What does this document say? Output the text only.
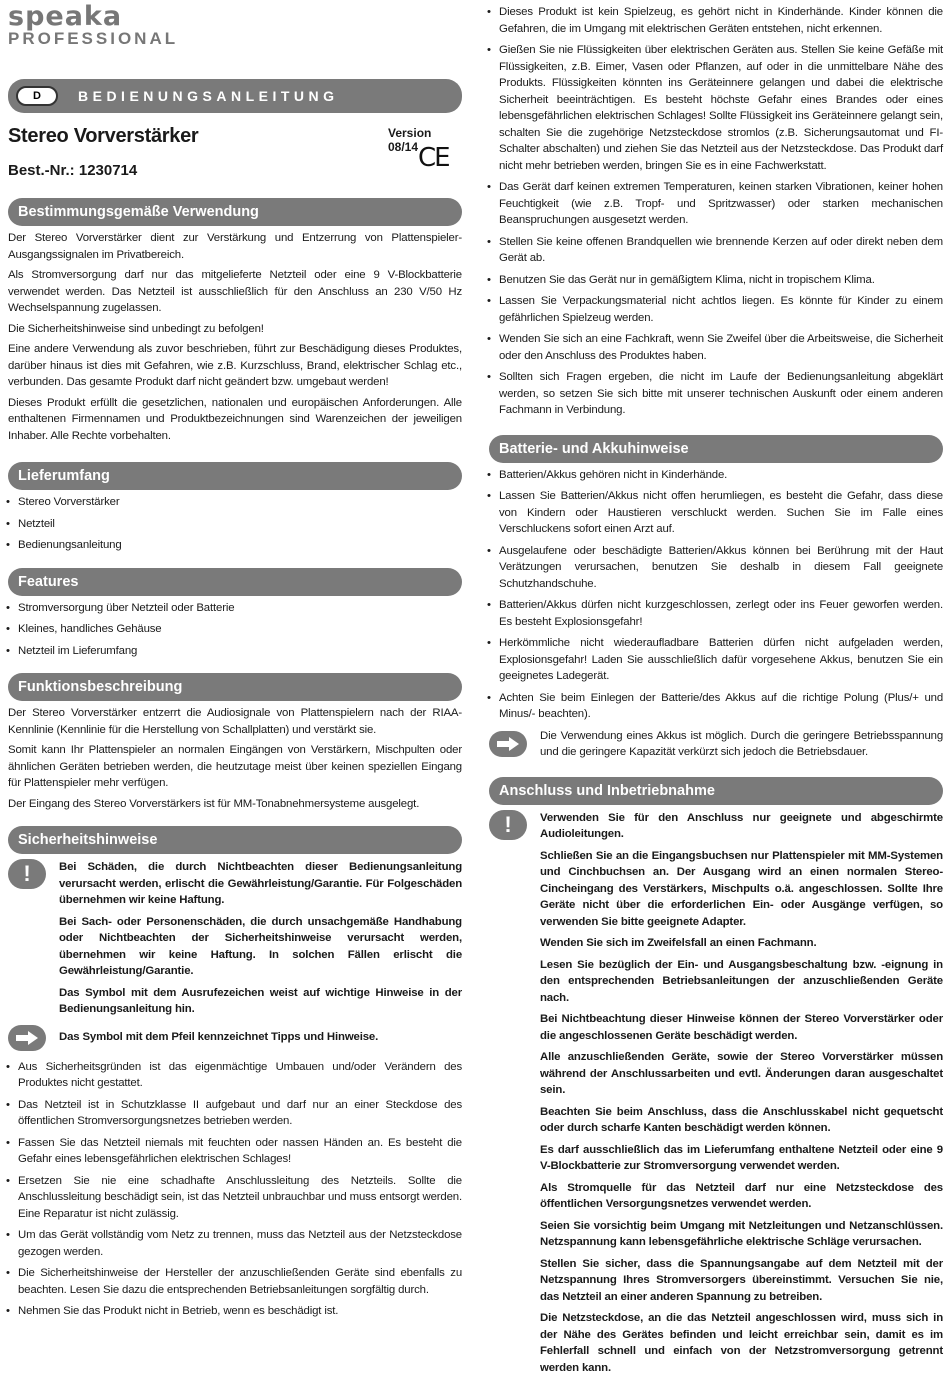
speaka
PROFESSIONAL
D	BEDIENUNGSANLEITUNG
Stereo Vorverstärker	Version 08/14 CE
Best.-Nr.: 1230714
Bestimmungsgemäße Verwendung

Der Stereo Vorverstärker dient zur Verstärkung und Entzerrung von Plattenspieler-Ausgangssignalen im Privatbereich.

Als Stromversorgung darf nur das mitgelieferte Netzteil oder eine 9 V-Blockbatterie verwendet werden. Das Netzteil ist ausschließlich für den Anschluss an 230 V/50 Hz Wechselspannung zugelassen.

Die Sicherheitshinweise sind unbedingt zu befolgen!

Eine andere Verwendung als zuvor beschrieben, führt zur Beschädigung dieses Produktes, darüber hinaus ist dies mit Gefahren, wie z.B. Kurzschluss, Brand, elektrischer Schlag etc., verbunden. Das gesamte Produkt darf nicht geändert bzw. umgebaut werden!

Dieses Produkt erfüllt die gesetzlichen, nationalen und europäischen Anforderungen. Alle enthaltenen Firmennamen und Produktbezeichnungen sind Warenzeichen der jeweiligen Inhaber. Alle Rechte vorbehalten.

Lieferumfang
• Stereo Vorverstärker
• Netzteil
• Bedienungsanleitung
Features
• Stromversorgung über Netzteil oder Batterie
• Kleines, handliches Gehäuse
• Netzteil im Lieferumfang
Funktionsbeschreibung

Der Stereo Vorverstärker entzerrt die Audiosignale von Plattenspielern nach der RIAA-Kennlinie (Kennlinie für die Herstellung von Schallplatten) und verstärkt sie.

Somit kann Ihr Plattenspieler an normalen Eingängen von Verstärkern, Mischpulten oder ähnlichen Geräten betrieben werden, die heutzutage meist über keinen speziellen Eingang für Plattenspieler mehr verfügen.

Der Eingang des Stereo Vorverstärkers ist für MM-Tonabnehmersysteme ausgelegt.

Sicherheitshinweise
!	Bei Schäden, die durch Nichtbeachten dieser Bedienungsanleitung verursacht werden, erlischt die Gewährleistung/Garantie. Für Folgeschäden übernehmen wir keine Haftung.

Bei Sach- oder Personenschäden, die durch unsachgemäße Handhabung oder Nichtbeachten der Sicherheitshinweise verursacht werden, übernehmen wir keine Haftung. In solchen Fällen erlischt die Gewährleistung/Garantie.

Das Symbol mit dem Ausrufezeichen weist auf wichtige Hinweise in der Bedienungsanleitung hin.

Das Symbol mit dem Pfeil kennzeichnet Tipps und Hinweise.

• Aus Sicherheitsgründen ist das eigenmächtige Umbauen und/oder Verändern des Produktes nicht gestattet.
• Das Netzteil ist in Schutzklasse II aufgebaut und darf nur an einer Steckdose des öffentlichen Stromversorgungsnetzes betrieben werden.
• Fassen Sie das Netzteil niemals mit feuchten oder nassen Händen an. Es besteht die Gefahr eines lebensgefährlichen elektrischen Schlages!
• Ersetzen Sie nie eine schadhafte Anschlussleitung des Netzteils. Sollte die Anschlussleitung beschädigt sein, ist das Netzteil unbrauchbar und muss entsorgt werden. Eine Reparatur ist nicht zulässig.
• Um das Gerät vollständig vom Netz zu trennen, muss das Netzteil aus der Netzsteckdose gezogen werden.
• Die Sicherheitshinweise der Hersteller der anzuschließenden Geräte sind ebenfalls zu beachten. Lesen Sie dazu die entsprechenden Betriebsanleitungen sorgfältig durch.
• Nehmen Sie das Produkt nicht in Betrieb, wenn es beschädigt ist.
• Dieses Produkt ist kein Spielzeug, es gehört nicht in Kinderhände. Kinder können die Gefahren, die im Umgang mit elektrischen Geräten entstehen, nicht erkennen.
• Gießen Sie nie Flüssigkeiten über elektrischen Geräten aus. Stellen Sie keine Gefäße mit Flüssigkeiten, z.B. Eimer, Vasen oder Pflanzen, auf oder in die unmittelbare Nähe des Produkts. Flüssigkeiten könnten ins Geräteinnere gelangen und dabei die elektrische Sicherheit beeinträchtigen. Es besteht höchste Gefahr eines Brandes oder eines lebensgefährlichen elektrischen Schlages! Sollte Flüssigkeit ins Geräteinnere gelangt sein, schalten Sie die zugehörige Netzsteckdose stromlos (z.B. Sicherungsautomat und FI-Schalter abschalten) und ziehen Sie das Netzteil aus der Netzsteckdose. Das Produkt darf nicht mehr betrieben werden, bringen Sie es in eine Fachwerkstatt.
• Das Gerät darf keinen extremen Temperaturen, keinen starken Vibrationen, keiner hohen Feuchtigkeit (wie z.B. Tropf- und Spritzwasser) oder starken mechanischen Beanspruchungen ausgesetzt werden.
• Stellen Sie keine offenen Brandquellen wie brennende Kerzen auf oder direkt neben dem Gerät ab.
• Benutzen Sie das Gerät nur in gemäßigtem Klima, nicht in tropischem Klima.
• Lassen Sie Verpackungsmaterial nicht achtlos liegen. Es könnte für Kinder zu einem gefährlichen Spielzeug werden.
• Wenden Sie sich an eine Fachkraft, wenn Sie Zweifel über die Arbeitsweise, die Sicherheit oder den Anschluss des Produktes haben.
• Sollten sich Fragen ergeben, die nicht im Laufe der Bedienungsanleitung abgeklärt werden, so setzen Sie sich bitte mit unserer technischen Auskunft oder einem anderen Fachmann in Verbindung.
Batterie- und Akkuhinweise
• Batterien/Akkus gehören nicht in Kinderhände.
• Lassen Sie Batterien/Akkus nicht offen herumliegen, es besteht die Gefahr, dass diese von Kindern oder Haustieren verschluckt werden. Suchen Sie im Falle eines Verschluckens sofort einen Arzt auf.
• Ausgelaufene oder beschädigte Batterien/Akkus können bei Berührung mit der Haut Verätzungen verursachen, benutzen Sie deshalb in diesem Fall geeignete Schutzhandschuhe.
• Batterien/Akkus dürfen nicht kurzgeschlossen, zerlegt oder ins Feuer geworfen werden. Es besteht Explosionsgefahr!
• Herkömmliche nicht wiederaufladbare Batterien dürfen nicht aufgeladen werden, Explosionsgefahr! Laden Sie ausschließlich dafür vorgesehene Akkus, benutzen Sie ein geeignetes Ladegerät.
• Achten Sie beim Einlegen der Batterie/des Akkus auf die richtige Polung (Plus/+ und Minus/- beachten).

Die Verwendung eines Akkus ist möglich. Durch die geringere Betriebsspannung und die geringere Kapazität verkürzt sich jedoch die Betriebsdauer.

Anschluss und Inbetriebnahme
!	Verwenden Sie für den Anschluss nur geeignete und abgeschirmte Audioleitungen.

Schließen Sie an die Eingangsbuchsen nur Plattenspieler mit MM-Systemen und Cinchbuchsen an. Der Ausgang wird an einen normalen Stereo-Cincheingang des Verstärkers, Mischpults o.ä. angeschlossen. Sollte Ihre Geräte nicht über die erforderlichen Ein- oder Ausgänge verfügen, so verwenden Sie bitte geeignete Adapter.

Wenden Sie sich im Zweifelsfall an einen Fachmann.

Lesen Sie bezüglich der Ein- und Ausgangsbeschaltung bzw. -eignung in den entsprechenden Betriebsanleitungen der anzuschließenden Geräte nach.

Bei Nichtbeachtung dieser Hinweise können der Stereo Vorverstärker oder die angeschlossenen Geräte beschädigt werden.

Alle anzuschließenden Geräte, sowie der Stereo Vorverstärker müssen während der Anschlussarbeiten und evtl. Änderungen daran ausgeschaltet sein.

Beachten Sie beim Anschluss, dass die Anschlusskabel nicht gequetscht oder durch scharfe Kanten beschädigt werden können.

Es darf ausschließlich das im Lieferumfang enthaltene Netzteil oder eine 9 V-Blockbatterie zur Stromversorgung verwendet werden.

Als Stromquelle für das Netzteil darf nur eine Netzsteckdose des öffentlichen Versorgungsnetzes verwendet werden.

Seien Sie vorsichtig beim Umgang mit Netzleitungen und Netzanschlüssen. Netzspannung kann lebensgefährliche elektrische Schläge verursachen.

Stellen Sie sicher, dass die Spannungsangabe auf dem Netzteil mit der Netzspannung Ihres Stromversorgers übereinstimmt. Versuchen Sie nie, das Netzteil an einer anderen Spannung zu betreiben.

Die Netzsteckdose, an die das Netzteil angeschlossen wird, muss sich in der Nähe des Gerätes befinden und leicht erreichbar sein, damit es im Fehlerfall schnell und einfach von der Netzstromversorgung getrennt werden kann.
